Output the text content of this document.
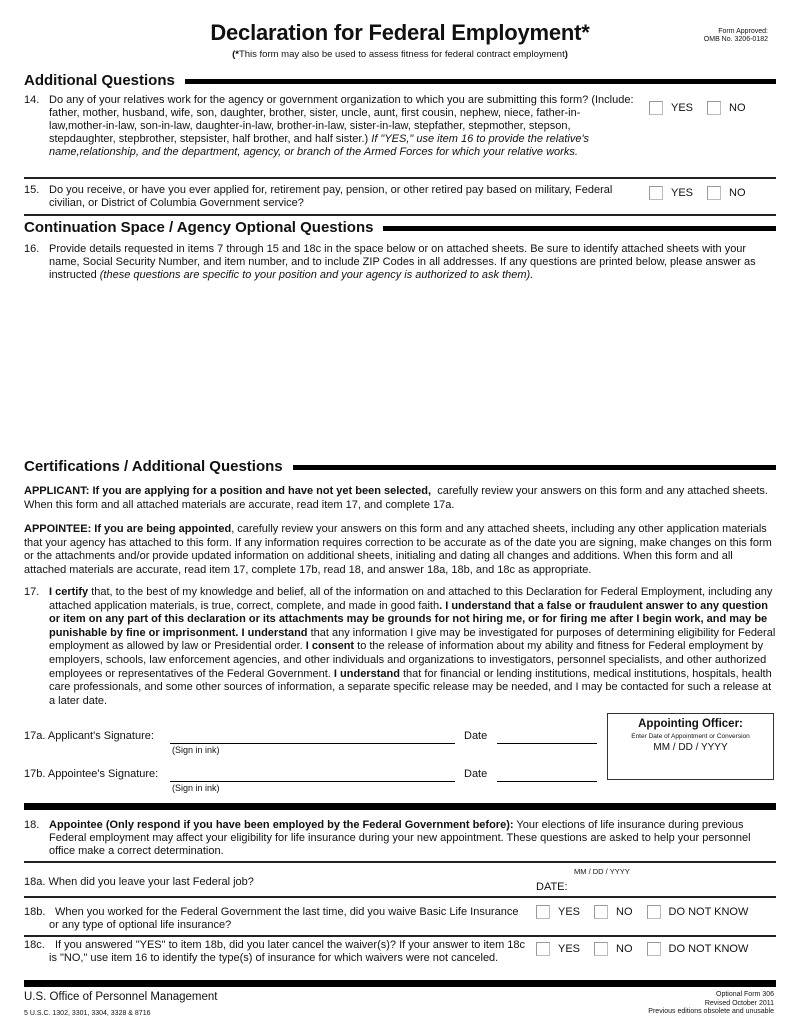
Declaration for Federal Employment*
(*This form may also be used to assess fitness for federal contract employment)
Form Approved:
OMB No. 3206-0182
Additional Questions
14. Do any of your relatives work for the agency or government organization to which you are submitting this form? (Include: father, mother, husband, wife, son, daughter, brother, sister, uncle, aunt, first cousin, nephew, niece, father-in-law,mother-in-law, son-in-law, daughter-in-law, brother-in-law, sister-in-law, stepfather, stepmother, stepson, stepdaughter, stepbrother, stepsister, half brother, and half sister.) If "YES," use item 16 to provide the relative's name,relationship, and the department, agency, or branch of the Armed Forces for which your relative works.
YES	NO
15. Do you receive, or have you ever applied for, retirement pay, pension, or other retired pay based on military, Federal civilian, or District of Columbia Government service?
YES	NO
Continuation Space / Agency Optional Questions
16. Provide details requested in items 7 through 15 and 18c in the space below or on attached sheets. Be sure to identify attached sheets with your name, Social Security Number, and item number, and to include ZIP Codes in all addresses. If any questions are printed below, please answer as instructed (these questions are specific to your position and your agency is authorized to ask them).
Certifications / Additional Questions
APPLICANT: If you are applying for a position and have not yet been selected, carefully review your answers on this form and any attached sheets. When this form and all attached materials are accurate, read item 17, and complete 17a.
APPOINTEE: If you are being appointed, carefully review your answers on this form and any attached sheets, including any other application materials that your agency has attached to this form. If any information requires correction to be accurate as of the date you are signing, make changes on this form or the attachments and/or provide updated information on additional sheets, initialing and dating all changes and additions. When this form and all attached materials are accurate, read item 17, complete 17b, read 18, and answer 18a, 18b, and 18c as appropriate.
17. I certify that, to the best of my knowledge and belief, all of the information on and attached to this Declaration for Federal Employment, including any attached application materials, is true, correct, complete, and made in good faith. I understand that a false or fraudulent answer to any question or item on any part of this declaration or its attachments may be grounds for not hiring me, or for firing me after I begin work, and may be punishable by fine or imprisonment. I understand that any information I give may be investigated for purposes of determining eligibility for Federal employment as allowed by law or Presidential order. I consent to the release of information about my ability and fitness for Federal employment by employers, schools, law enforcement agencies, and other individuals and organizations to investigators, personnel specialists, and other authorized employees or representatives of the Federal Government. I understand that for financial or lending institutions, medical institutions, hospitals, health care professionals, and some other sources of information, a separate specific release may be needed, and I may be contacted for such a release at a later date.
17a. Applicant's Signature:
(Sign in ink)
Date
17b. Appointee's Signature:
(Sign in ink)
Date
Appointing Officer:
Enter Date of Appointment or Conversion
MM / DD / YYYY
18. Appointee (Only respond if you have been employed by the Federal Government before): Your elections of life insurance during previous Federal employment may affect your eligibility for life insurance during your new appointment. These questions are asked to help your personnel office make a correct determination.
18a. When did you leave your last Federal job?
MM / DD / YYYY
DATE:
18b. When you worked for the Federal Government the last time, did you waive Basic Life Insurance or any type of optional life insurance?
YES	NO	DO NOT KNOW
18c. If you answered "YES" to item 18b, did you later cancel the waiver(s)? If your answer to item 18c is "NO," use item 16 to identify the type(s) of insurance for which waivers were not canceled.
YES	NO	DO NOT KNOW
U.S. Office of Personnel Management
5 U.S.C. 1302, 3301, 3304, 3328 & 8716
Optional Form 306
Revised October 2011
Previous editions obsolete and unusable
